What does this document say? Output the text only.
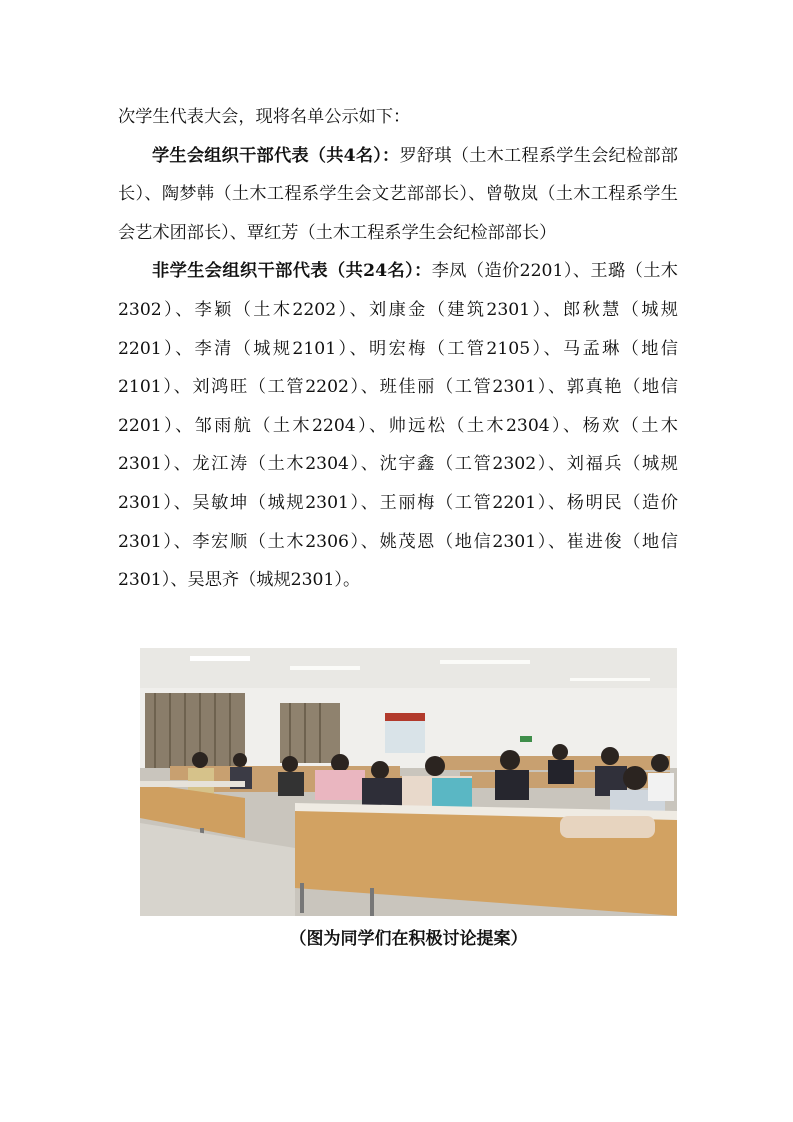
次学生代表大会，现将名单公示如下：

学生会组织干部代表（共4名）：罗舒琪（土木工程系学生会纪检部部长）、陶梦韩（土木工程系学生会文艺部部长）、曾敬岚（土木工程系学生会艺术团部长）、覃红芳（土木工程系学生会纪检部部长）

非学生会组织干部代表（共24名）：李凤（造价2201）、王璐（土木2302）、李颖（土木2202）、刘康金（建筑2301）、郎秋慧（城规2201）、李清（城规2101）、明宏梅（工管2105）、马孟琳（地信2101）、刘鸿旺（工管2202）、班佳丽（工管2301）、郭真艳（地信2201）、邹雨航（土木2204）、帅远松（土木2304）、杨欢（土木2301）、龙江涛（土木2304）、沈宇鑫（工管2302）、刘福兵（城规2301）、吴敏坤（城规2301）、王丽梅（工管2201）、杨明民（造价2301）、李宏顺（土木2306）、姚茂恩（地信2301）、崔进俊（地信2301）、吴思齐（城规2301）。

（图为同学们在积极讨论提案）
